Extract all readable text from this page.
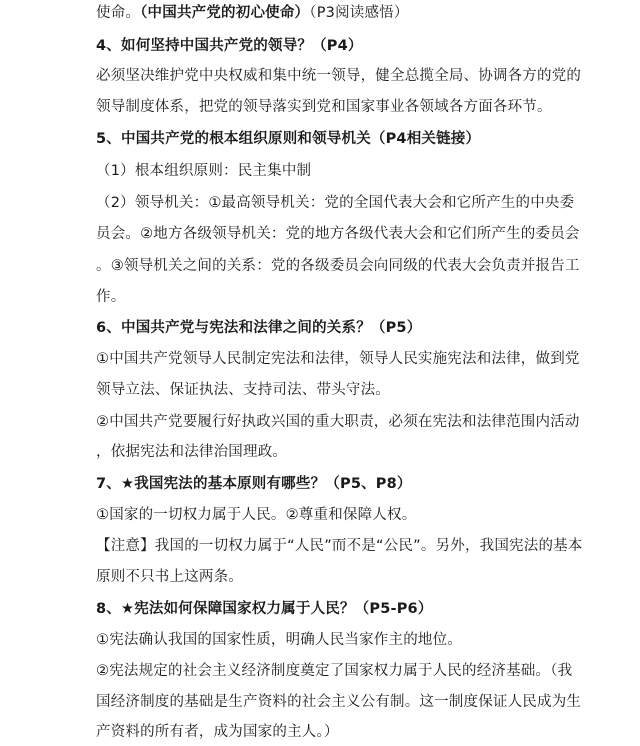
使命。（中国共产党的初心使命）（P3阅读感悟）
4、如何坚持中国共产党的领导？（P4）
必须坚决维护党中央权威和集中统一领导，健全总揽全局、协调各方的党的
领导制度体系，把党的领导落实到党和国家事业各领域各方面各环节。
5、中国共产党的根本组织原则和领导机关（P4相关链接）
（1）根本组织原则：民主集中制
（2）领导机关：①最高领导机关：党的全国代表大会和它所产生的中央委
员会。②地方各级领导机关：党的地方各级代表大会和它们所产生的委员会
。③领导机关之间的关系：党的各级委员会向同级的代表大会负责并报告工
作。
6、中国共产党与宪法和法律之间的关系？（P5）
①中国共产党领导人民制定宪法和法律，领导人民实施宪法和法律，做到党
领导立法、保证执法、支持司法、带头守法。
②中国共产党要履行好执政兴国的重大职责，必须在宪法和法律范围内活动
，依据宪法和法律治国理政。
7、★我国宪法的基本原则有哪些？（P5、P8）
①国家的一切权力属于人民。②尊重和保障人权。
【注意】我国的一切权力属于“人民”而不是“公民”。另外，我国宪法的基本
原则不只书上这两条。
8、★宪法如何保障国家权力属于人民？（P5-P6）
①宪法确认我国的国家性质，明确人民当家作主的地位。
②宪法规定的社会主义经济制度奠定了国家权力属于人民的经济基础。（我
国经济制度的基础是生产资料的社会主义公有制。这一制度保证人民成为生
产资料的所有者，成为国家的主人。）
